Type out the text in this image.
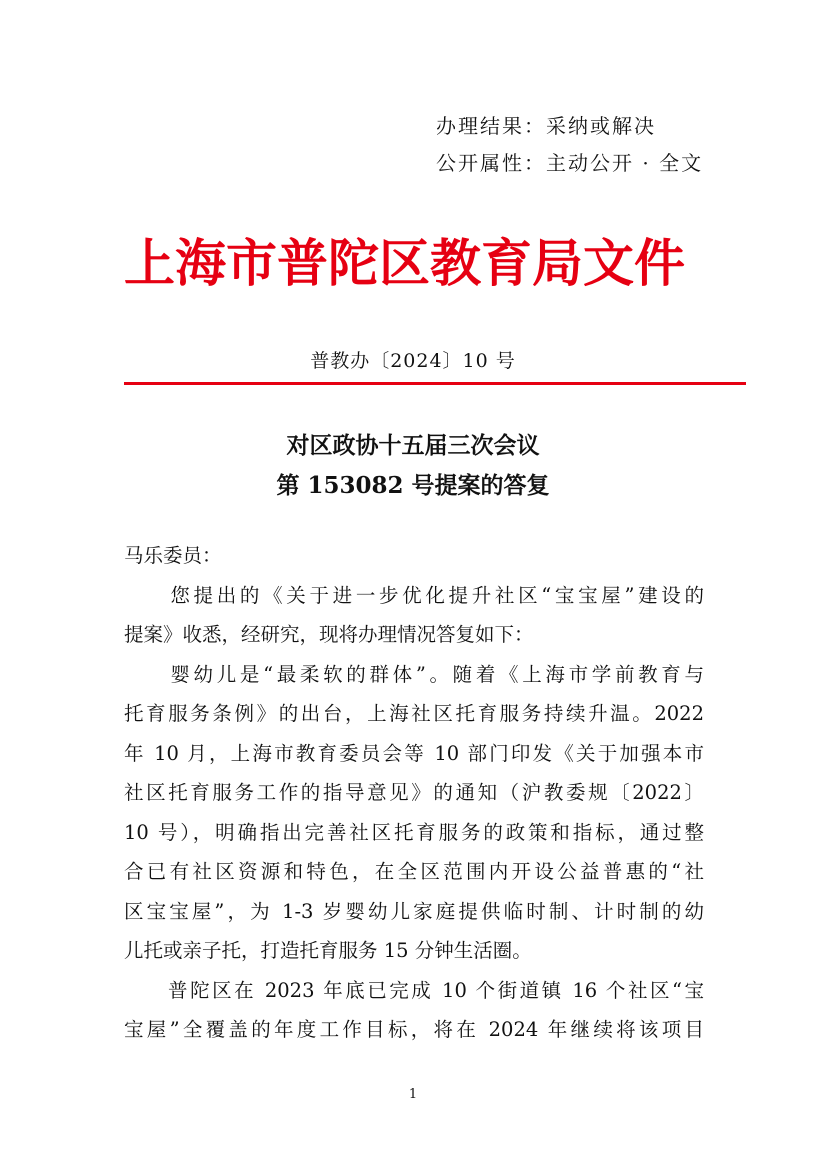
办理结果：采纳或解决
公开属性：主动公开 · 全文
上海市普陀区教育局文件
普教办〔2024〕10 号
对区政协十五届三次会议
第 153082 号提案的答复
马乐委员：
　　您提出的《关于进一步优化提升社区“宝宝屋”建设的
提案》收悉，经研究，现将办理情况答复如下：
　　婴幼儿是“最柔软的群体”。随着《上海市学前教育与
托育服务条例》的出台，上海社区托育服务持续升温。2022
年 10 月，上海市教育委员会等 10 部门印发《关于加强本市
社区托育服务工作的指导意见》的通知（沪教委规〔2022〕
10 号），明确指出完善社区托育服务的政策和指标，通过整
合已有社区资源和特色，在全区范围内开设公益普惠的“社
区宝宝屋”，为 1-3 岁婴幼儿家庭提供临时制、计时制的幼
儿托或亲子托，打造托育服务 15 分钟生活圈。
　　普陀区在 2023 年底已完成 10 个街道镇 16 个社区“宝
宝屋”全覆盖的年度工作目标，将在 2024 年继续将该项目
1
